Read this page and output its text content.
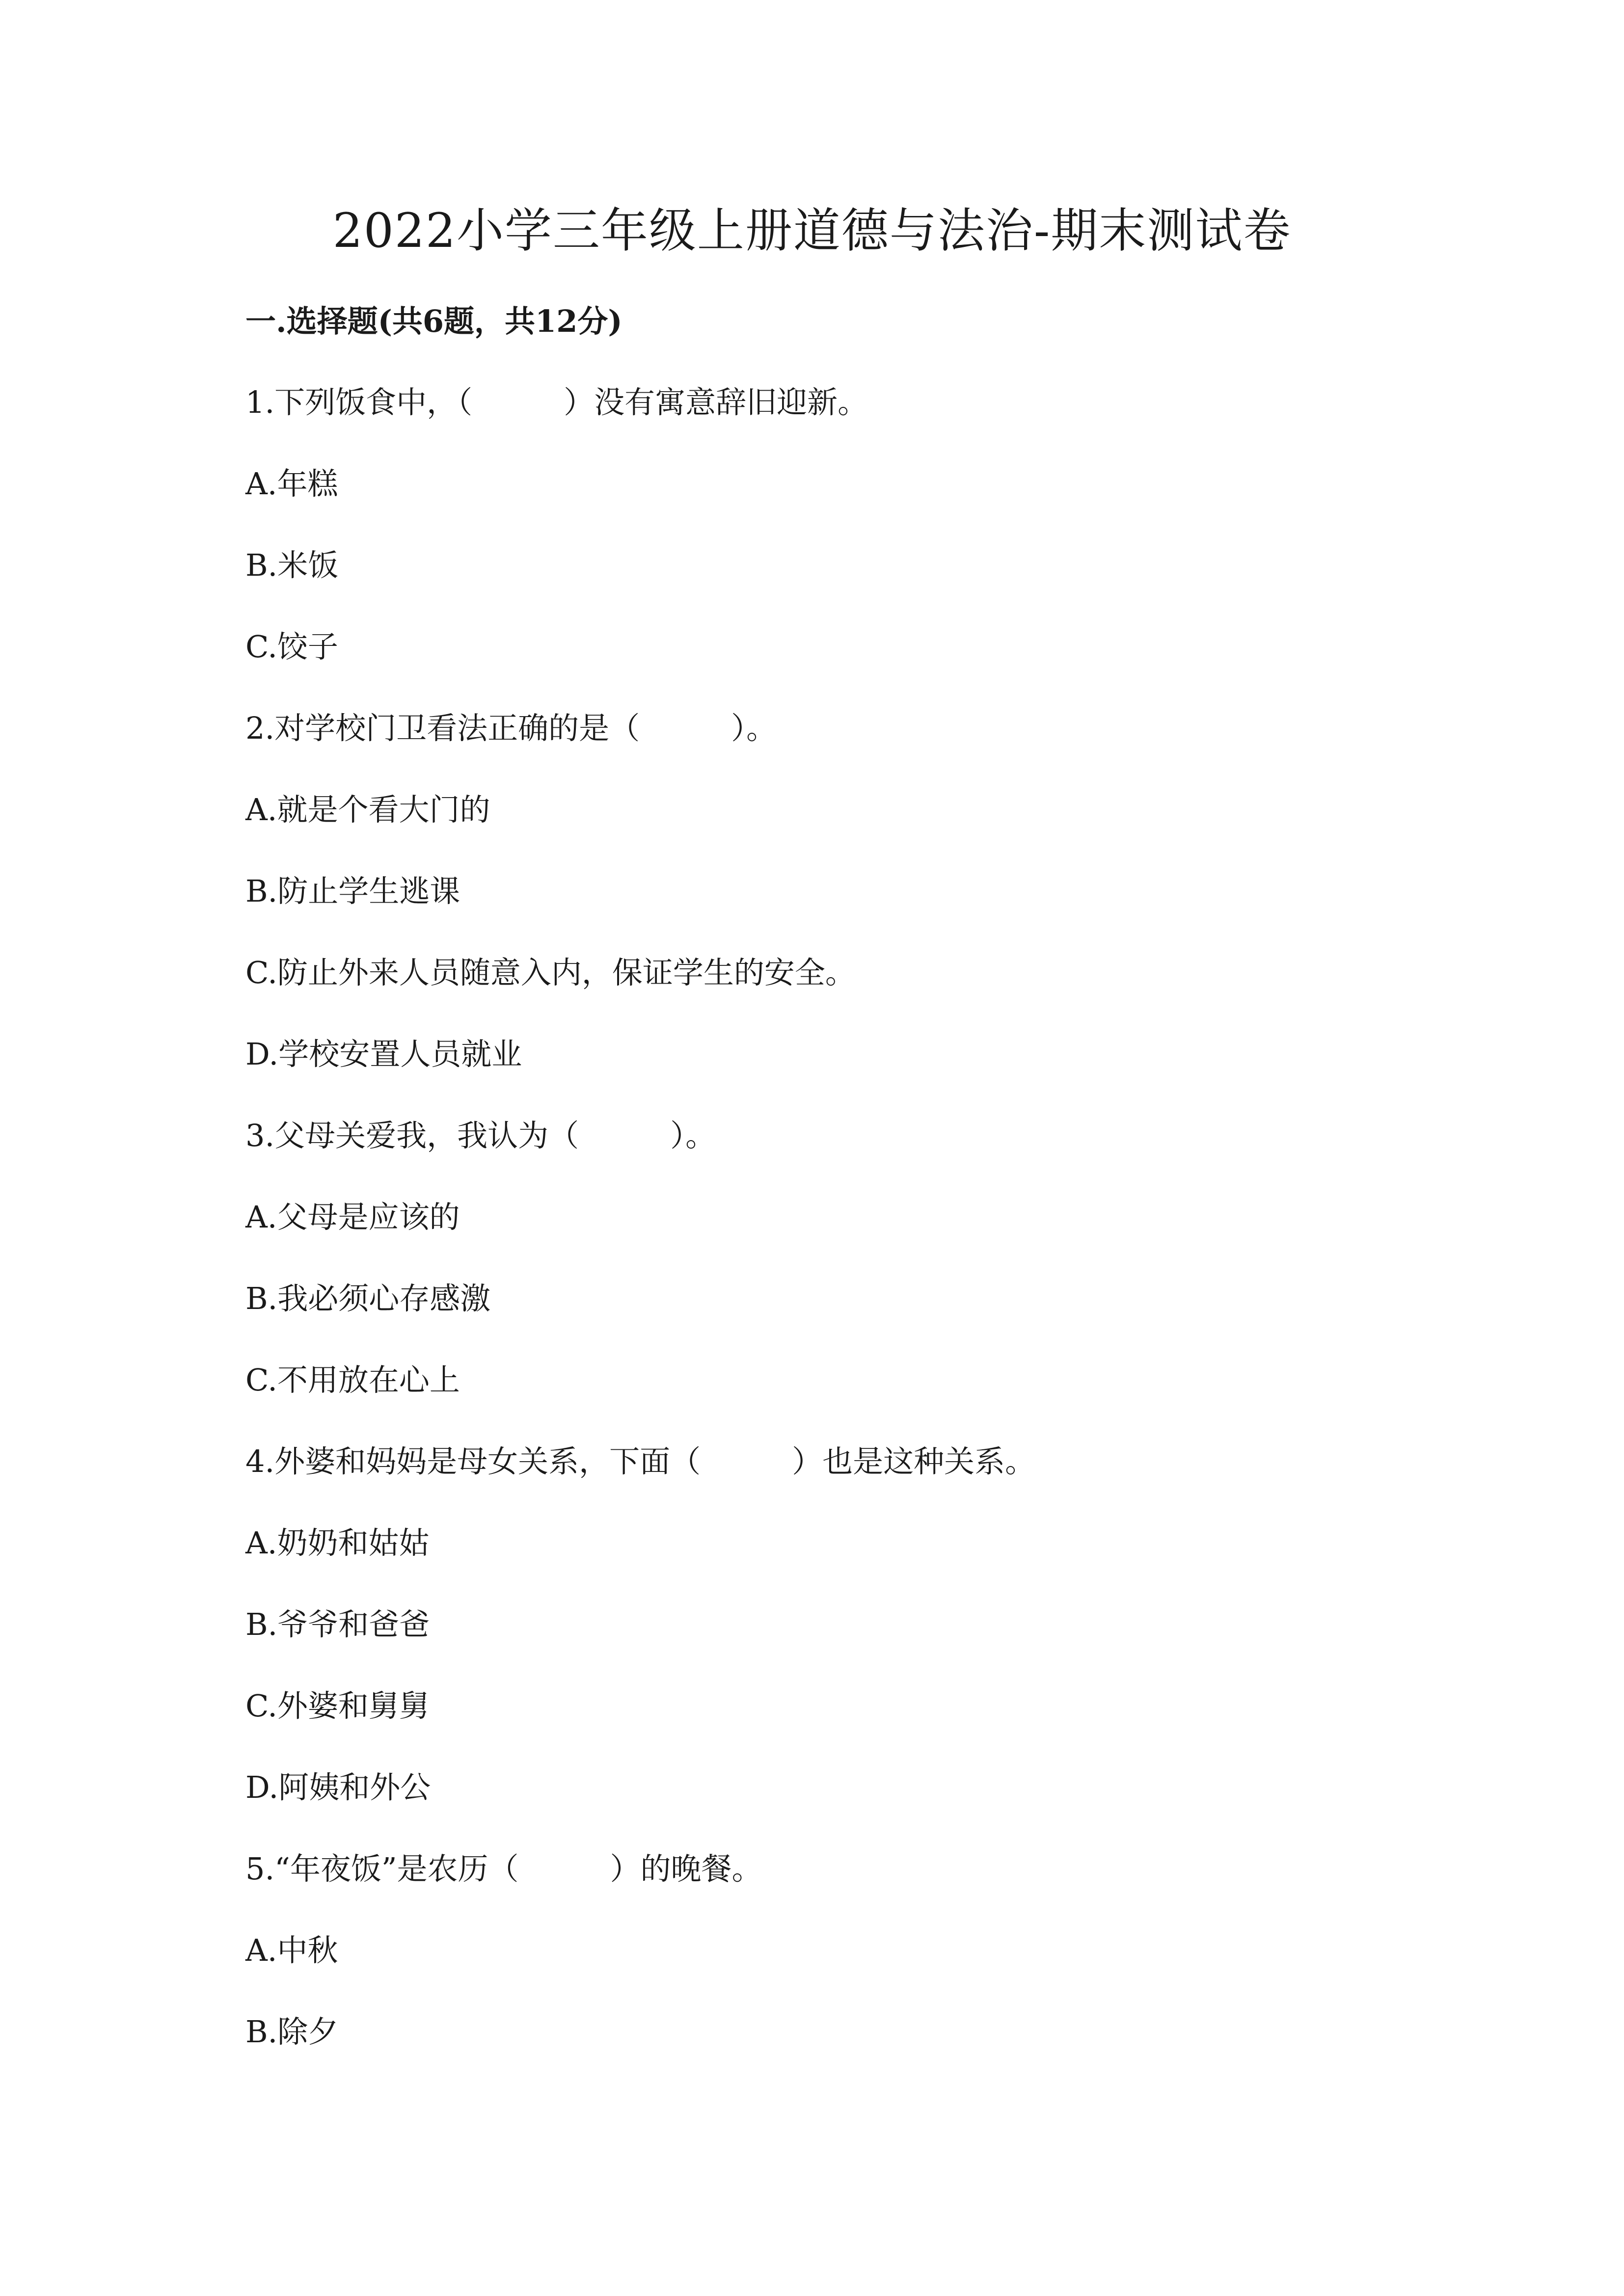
2022小学三年级上册道德与法治-期末测试卷
一.选择题(共6题，共12分)
1.下列饭食中，（　　　）没有寓意辞旧迎新。
A.年糕
B.米饭
C.饺子
2.对学校门卫看法正确的是（　　　）。
A.就是个看大门的
B.防止学生逃课
C.防止外来人员随意入内，保证学生的安全。
D.学校安置人员就业
3.父母关爱我，我认为（　　　）。
A.父母是应该的
B.我必须心存感激
C.不用放在心上
4.外婆和妈妈是母女关系，下面（　　　）也是这种关系。
A.奶奶和姑姑
B.爷爷和爸爸
C.外婆和舅舅
D.阿姨和外公
5.“年夜饭”是农历（　　　）的晚餐。
A.中秋
B.除夕
